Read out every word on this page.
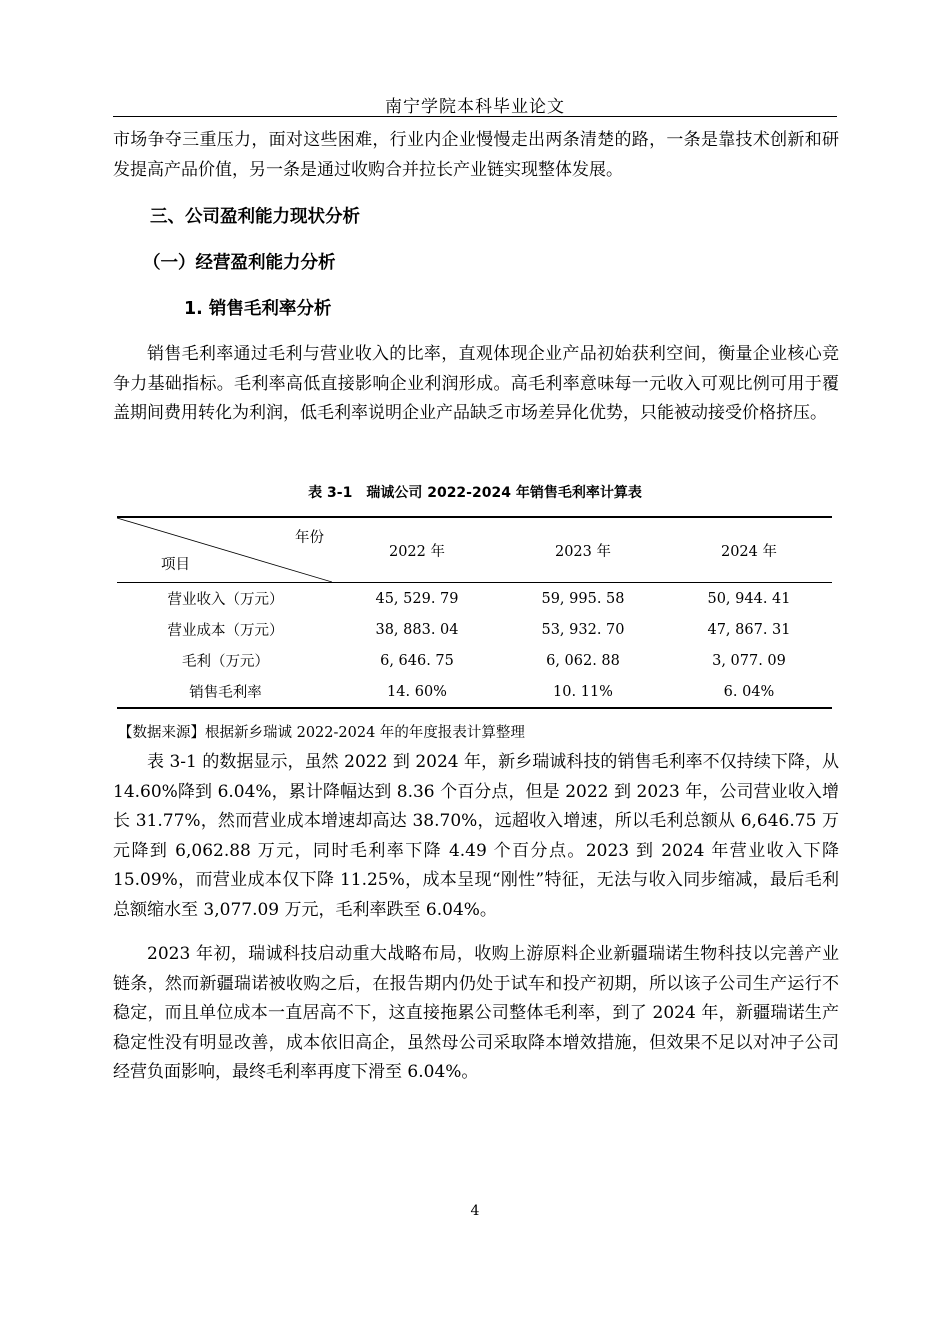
南宁学院本科毕业论文

市场争夺三重压力，面对这些困难，行业内企业慢慢走出两条清楚的路，一条是靠技术创新和研发提高产品价值，另一条是通过收购合并拉长产业链实现整体发展。

三、公司盈利能力现状分析
（一）经营盈利能力分析
1. 销售毛利率分析

销售毛利率通过毛利与营业收入的比率，直观体现企业产品初始获利空间，衡量企业核心竞争力基础指标。毛利率高低直接影响企业利润形成。高毛利率意味每一元收入可观比例可用于覆盖期间费用转化为利润，低毛利率说明企业产品缺乏市场差异化优势，只能被动接受价格挤压。

表 3-1　瑞诚公司 2022-2024 年销售毛利率计算表
年份
项目	2022 年	2023 年	2024 年
营业收入（万元）	45, 529. 79	59, 995. 58	50, 944. 41
营业成本（万元）	38, 883. 04	53, 932. 70	47, 867. 31
毛利（万元）	6, 646. 75	6, 062. 88	3, 077. 09
销售毛利率	14. 60%	10. 11%	6. 04%
【数据来源】根据新乡瑞诚 2022-2024 年的年度报表计算整理

表 3-1 的数据显示，虽然 2022 到 2024 年，新乡瑞诚科技的销售毛利率不仅持续下降，从 14.60%降到 6.04%，累计降幅达到 8.36 个百分点，但是 2022 到 2023 年，公司营业收入增长 31.77%，然而营业成本增速却高达 38.70%，远超收入增速，所以毛利总额从 6,646.75 万元降到 6,062.88 万元，同时毛利率下降 4.49 个百分点。2023 到 2024 年营业收入下降 15.09%，而营业成本仅下降 11.25%，成本呈现“刚性”特征，无法与收入同步缩减，最后毛利总额缩水至 3,077.09 万元，毛利率跌至 6.04%。

2023 年初，瑞诚科技启动重大战略布局，收购上游原料企业新疆瑞诺生物科技以完善产业链条，然而新疆瑞诺被收购之后，在报告期内仍处于试车和投产初期，所以该子公司生产运行不稳定，而且单位成本一直居高不下，这直接拖累公司整体毛利率，到了 2024 年，新疆瑞诺生产稳定性没有明显改善，成本依旧高企，虽然母公司采取降本增效措施，但效果不足以对冲子公司经营负面影响，最终毛利率再度下滑至 6.04%。

4
